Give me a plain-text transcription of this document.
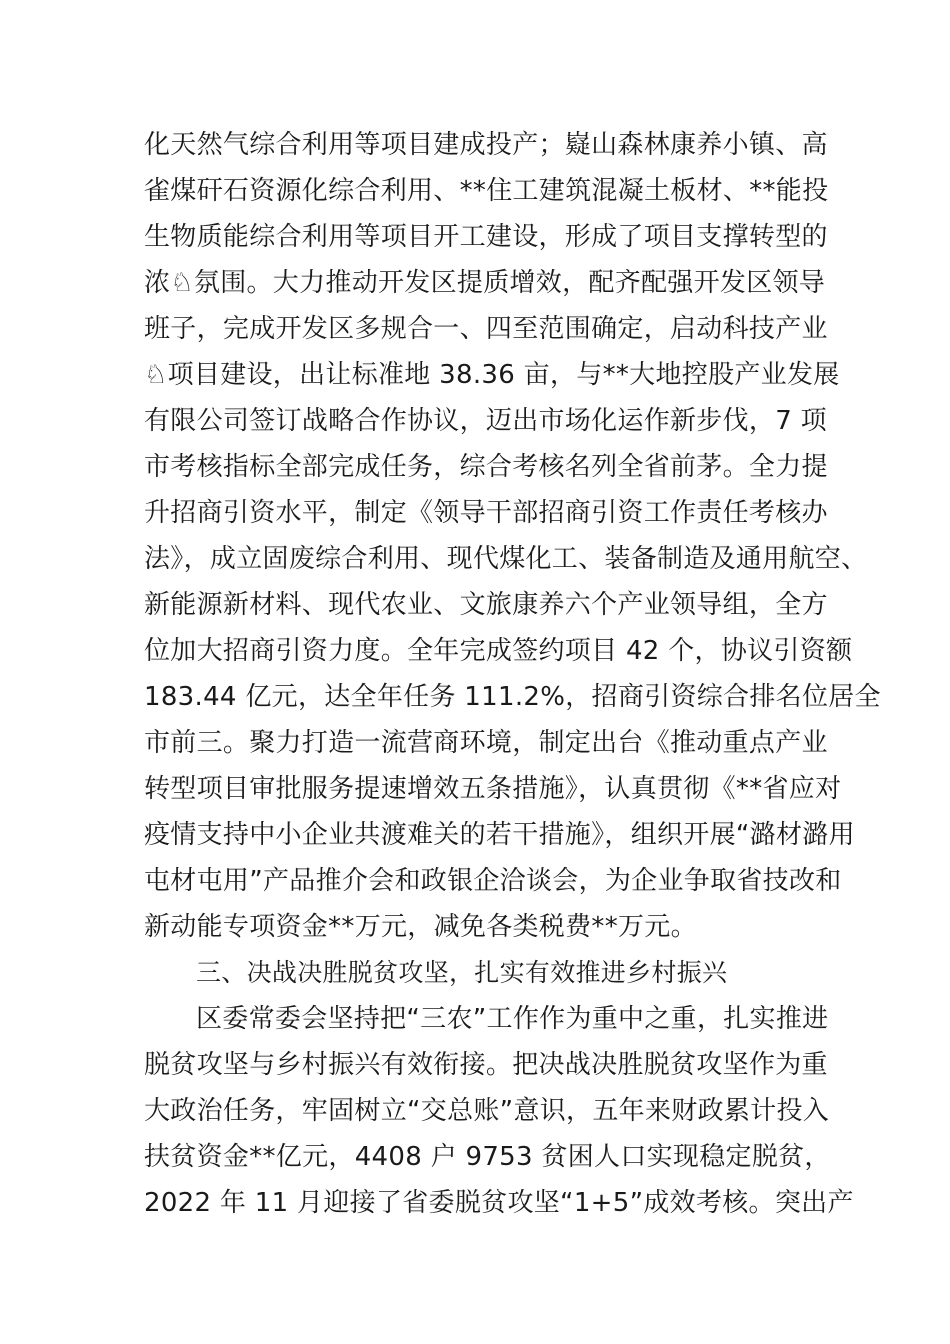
化天然气综合利用等项目建成投产；嶷山森林康养小镇、高
雀煤矸石资源化综合利用、**住工建筑混凝土板材、**能投
生物质能综合利用等项目开工建设，形成了项目支撑转型的
浓♘氛围。大力推动开发区提质增效，配齐配强开发区领导
班子，完成开发区多规合一、四至范围确定，启动科技产业
♘项目建设，出让标准地 38.36 亩，与**大地控股产业发展
有限公司签订战略合作协议，迈出市场化运作新步伐，7 项
市考核指标全部完成任务，综合考核名列全省前茅。全力提
升招商引资水平，制定《领导干部招商引资工作责任考核办
法》，成立固废综合利用、现代煤化工、装备制造及通用航空、
新能源新材料、现代农业、文旅康养六个产业领导组，全方
位加大招商引资力度。全年完成签约项目 42 个，协议引资额
183.44 亿元，达全年任务 111.2%，招商引资综合排名位居全
市前三。聚力打造一流营商环境，制定出台《推动重点产业
转型项目审批服务提速增效五条措施》，认真贯彻《**省应对
疫情支持中小企业共渡难关的若干措施》，组织开展“潞材潞用
屯材屯用”产品推介会和政银企洽谈会，为企业争取省技改和
新动能专项资金**万元，减免各类税费**万元。
三、决战决胜脱贫攻坚，扎实有效推进乡村振兴
区委常委会坚持把“三农”工作作为重中之重，扎实推进
脱贫攻坚与乡村振兴有效衔接。把决战决胜脱贫攻坚作为重
大政治任务，牢固树立“交总账”意识，五年来财政累计投入
扶贫资金**亿元，4408 户 9753 贫困人口实现稳定脱贫，
2022 年 11 月迎接了省委脱贫攻坚“1+5”成效考核。突出产
